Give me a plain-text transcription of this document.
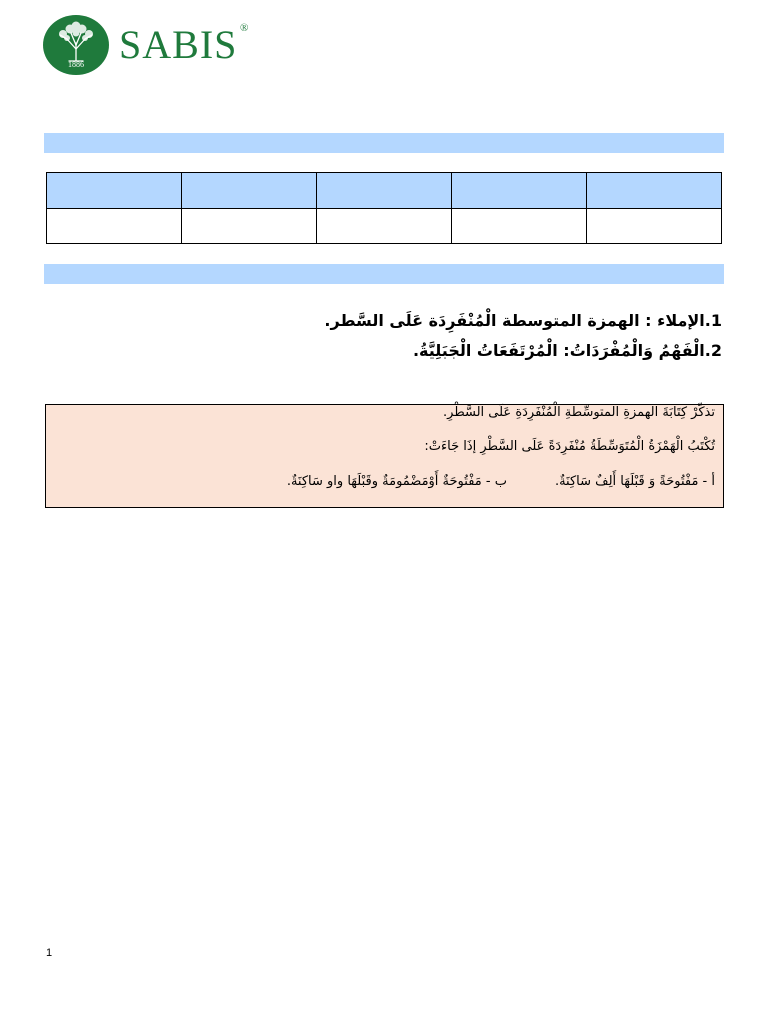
1886 SABIS ®

1.الإملاء : الهمزة المتوسطة الْمُنْفَرِدَة عَلَى السَّطر.
2.الْفَهْمُ وَالْمُفْرَدَاتُ: الْمُرْتَفَعَاتُ الْجَبَلِيَّةُ.
تذكّرْ كِتَابَةَ الهمزةِ المتوسِّطةِ الْمُنْفَرِدَةِ عَلَى السَّطْرِ.
تُكْتَبُ الْهَمْزَةُ الْمُتَوَسِّطَةُ مُنْفَرِدَةً عَلَى السَّطْرِ إذَا جَاءَتْ:
أ - مَفْتُوحَةً وَ قَبْلَهَا أَلِفٌ سَاكِنَةٌ.ب - مَفْتُوحَةٌ أَوْمَضْمُومَةٌ وقَبْلَهَا واو سَاكِنَةٌ.
1
